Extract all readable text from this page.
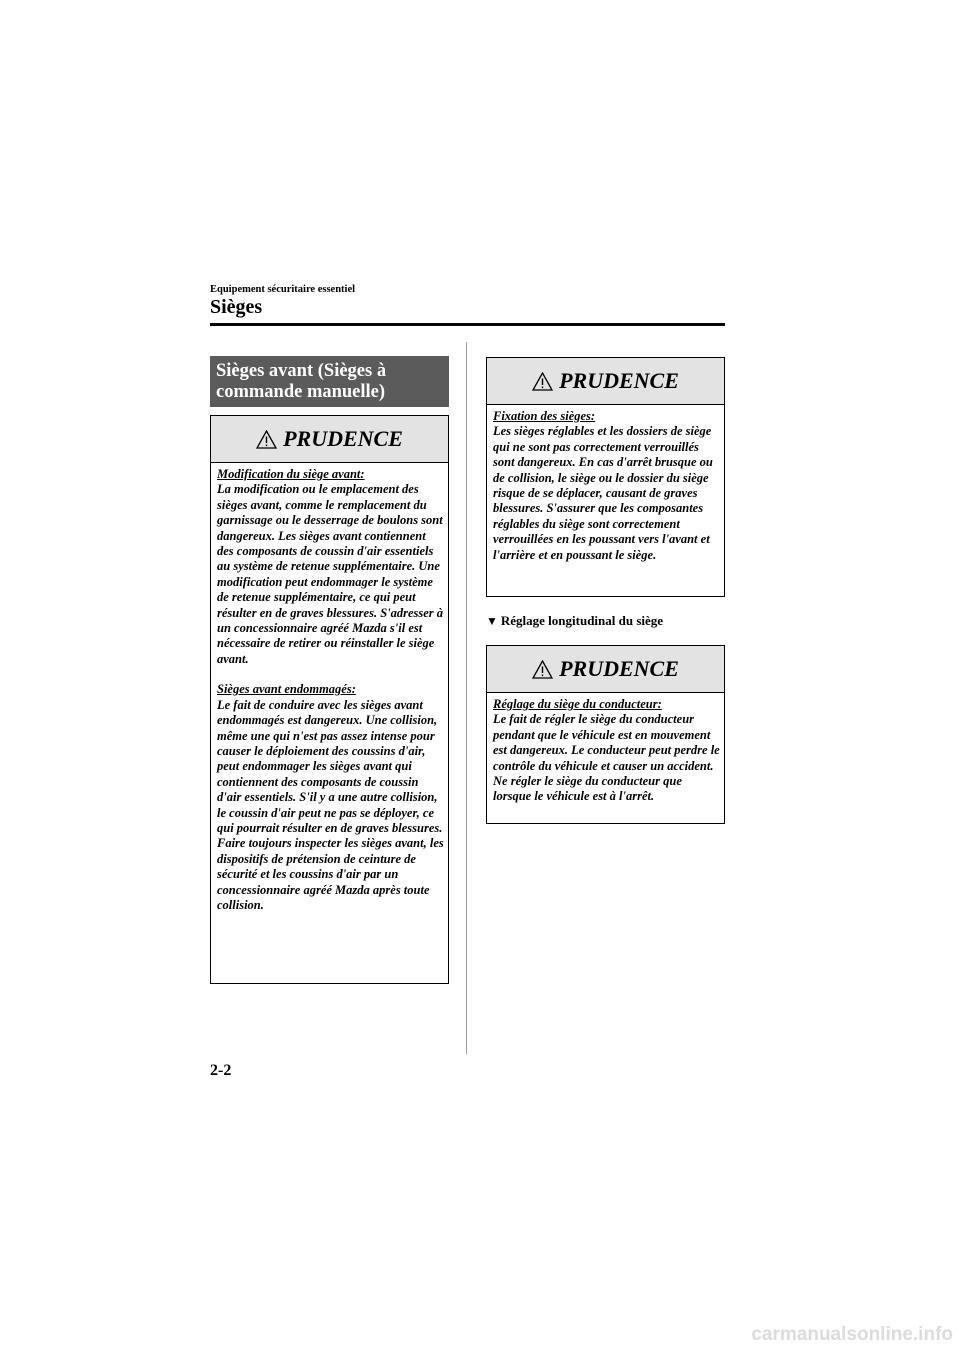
Equipement sécuritaire essentiel
Sièges
Sièges avant (Sièges à commande manuelle)
PRUDENCE

Modification du siège avant:

La modification ou le emplacement des sièges avant, comme le remplacement du garnissage ou le desserrage de boulons sont dangereux. Les sièges avant contiennent des composants de coussin d'air essentiels au système de retenue supplémentaire. Une modification peut endommager le système de retenue supplémentaire, ce qui peut résulter en de graves blessures. S'adresser à un concessionnaire agréé Mazda s'il est nécessaire de retirer ou réinstaller le siège avant.

Sièges avant endommagés:

Le fait de conduire avec les sièges avant endommagés est dangereux. Une collision, même une qui n'est pas assez intense pour causer le déploiement des coussins d'air, peut endommager les sièges avant qui contiennent des composants de coussin d'air essentiels. S'il y a une autre collision, le coussin d'air peut ne pas se déployer, ce qui pourrait résulter en de graves blessures. Faire toujours inspecter les sièges avant, les dispositifs de prétension de ceinture de sécurité et les coussins d'air par un concessionnaire agréé Mazda après toute collision.

PRUDENCE

Fixation des sièges:

Les sièges réglables et les dossiers de siège qui ne sont pas correctement verrouillés sont dangereux. En cas d'arrêt brusque ou de collision, le siège ou le dossier du siège risque de se déplacer, causant de graves blessures. S'assurer que les composantes réglables du siège sont correctement verrouillées en les poussant vers l'avant et l'arrière et en poussant le siège.

▼ Réglage longitudinal du siège
PRUDENCE

Réglage du siège du conducteur:

Le fait de régler le siège du conducteur pendant que le véhicule est en mouvement est dangereux. Le conducteur peut perdre le contrôle du véhicule et causer un accident. Ne régler le siège du conducteur que lorsque le véhicule est à l'arrêt.

2-2
carmanualsonline.info
